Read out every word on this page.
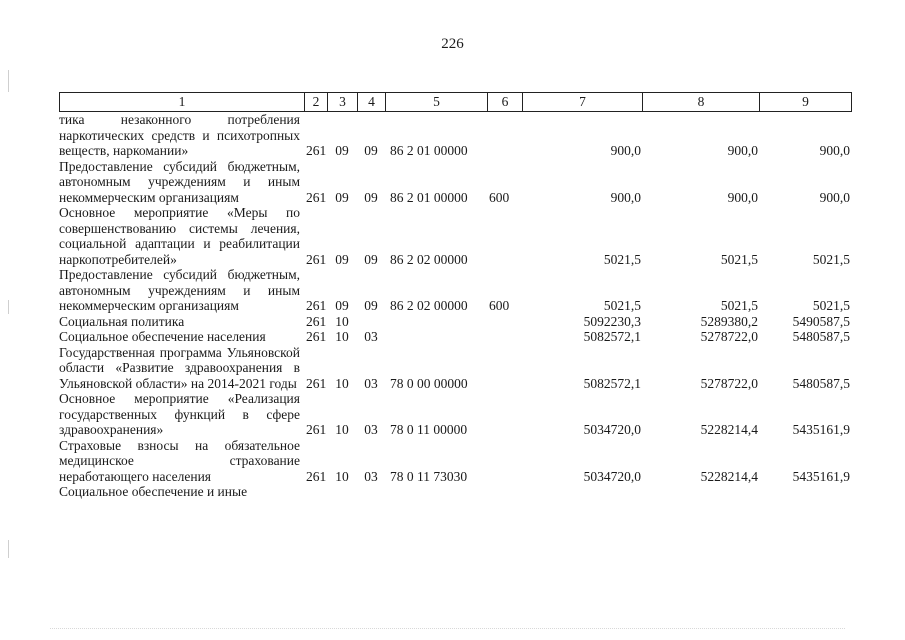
226
1	2	3	4	5	6	7	8	9
тика незаконного потребления наркотических средств и психотропных веществ, наркомании»	261	09	09	86 2 01 00000		900,0	900,0	900,0
Предоставление субсидий бюджетным, автономным учреждениям и иным некоммерческим организациям	261	09	09	86 2 01 00000	600	900,0	900,0	900,0
Основное мероприятие «Меры по совершенствованию системы лечения, социальной адаптации и реабилитации наркопотребителей»	261	09	09	86 2 02 00000		5021,5	5021,5	5021,5
Предоставление субсидий бюджетным, автономным учреждениям и иным некоммерческим организациям	261	09	09	86 2 02 00000	600	5021,5	5021,5	5021,5
Социальная политика	261	10				5092230,3	5289380,2	5490587,5
Социальное обеспечение населения	261	10	03			5082572,1	5278722,0	5480587,5
Государственная программа Ульяновской области «Развитие здравоохранения в Ульяновской области» на 2014-2021 годы	261	10	03	78 0 00 00000		5082572,1	5278722,0	5480587,5
Основное мероприятие «Реализация государственных функций в сфере здравоохранения»	261	10	03	78 0 11 00000		5034720,0	5228214,4	5435161,9
Страховые взносы на обязательное медицинское страхование неработающего населения	261	10	03	78 0 11 73030		5034720,0	5228214,4	5435161,9
Социальное обеспечение и иные								
